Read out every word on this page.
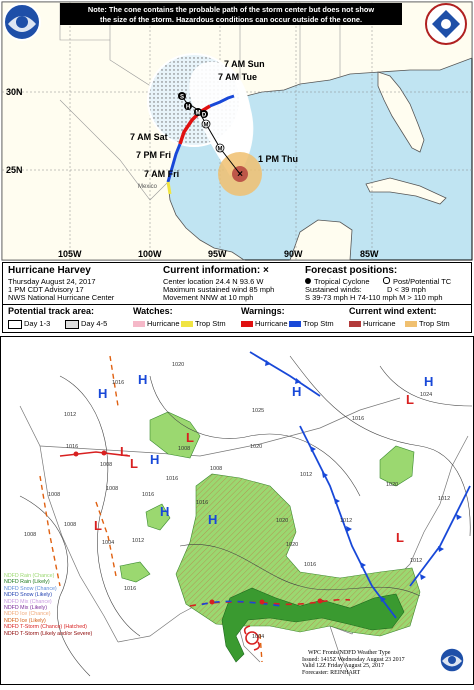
×
M
M
M D
H
S
7 AM Sun
7 AM Tue
7 AM Sat
7 PM Fri
7 AM Fri
1 PM Thu
30N
25N
105W	100W	95W	90W	85W
Mexico
Note: The cone contains the probable path of the storm center but does not show
the size of the storm. Hazardous conditions can occur outside of the cone.
Hurricane Harvey
Thursday August 24, 2017
1 PM CDT Advisory 17
NWS National Hurricane Center
Current information: ×
Center location 24.4 N 93.6 W
Maximum sustained wind 85 mph
Movement NNW at 10 mph
Forecast positions:
Tropical Cyclone	Post/Potential TC
Sustained winds:	D < 39 mph
S 39-73 mph H 74-110 mph M > 110 mph
Potential track area:
Day 1-3	Day 4-5
Watches:
Hurricane	Trop Stm
Warnings:
Hurricane	Trop Stm
Current wind extent:
Hurricane	Trop Stm
H
H
H
H
H
H
H
L
L
L
L
L
L
1016
1012
1008
1020
1024
1016
1012
1008
1016
1008
1020
1016
1016
1012
1025
1020
1016
1004
1008
1012
1020
1008
1012
1004
1016
1020
1016
1008
1012
1008
NDFD Rain (Chance)
NDFD Rain (Likely)
NDFD Snow (Chance)
NDFD Snow (Likely)
NDFD Mix (Chance)
NDFD Mix (Likely)
NDFD Ice (Chance)
NDFD Ice (Likely)
NDFD T-Storm (Chance) (Hatched)
NDFD T-Storm (Likely and/or Severe)
WPC Fronts/NDFD Weather Type
Issued: 1415Z Wednesday August 23 2017
Valid 12Z Friday August 25, 2017
Forecaster: REINHART
